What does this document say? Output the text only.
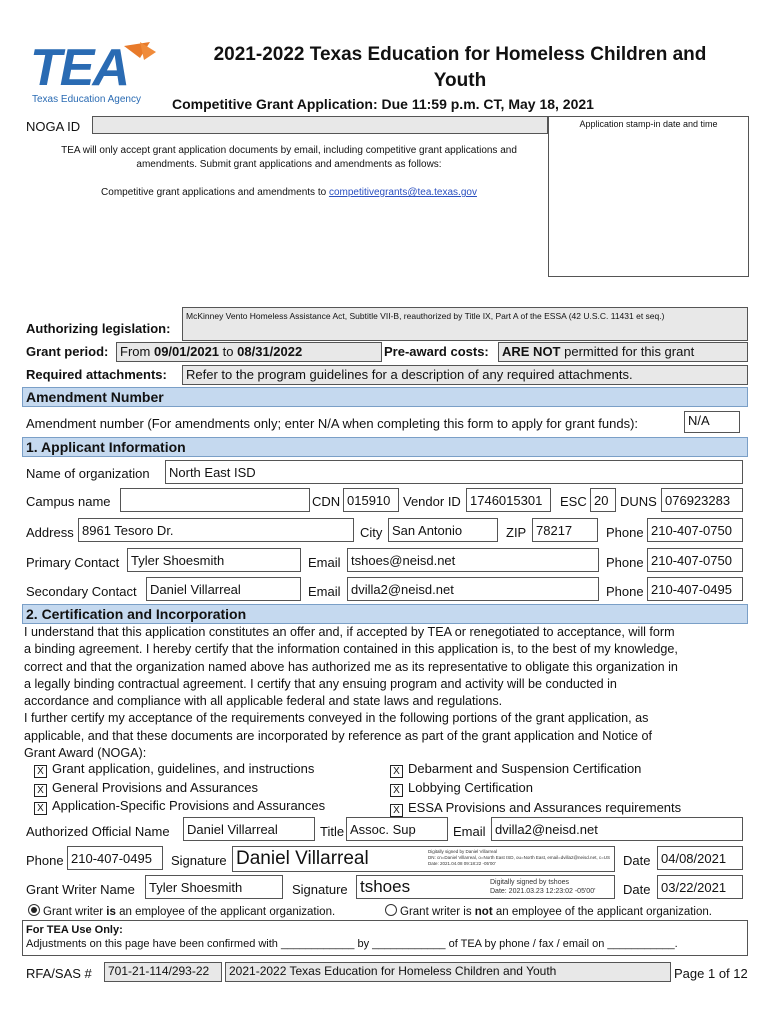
TEA
Texas Education Agency
2021-2022 Texas Education for Homeless Children and Youth
Competitive Grant Application: Due 11:59 p.m. CT, May 18, 2021
NOGA ID	Application stamp-in date and time
TEA will only accept grant application documents by email, including competitive grant applications and
amendments. Submit grant applications and amendments as follows:
Competitive grant applications and amendments to competitivegrants@tea.texas.gov
Authorizing legislation:
McKinney Vento Homeless Assistance Act, Subtitle VII-B, reauthorized by Title IX, Part A of the ESSA (42 U.S.C. 11431 et seq.)
Grant period: From 09/01/2021 to 08/31/2022	Pre-award costs:	ARE NOT permitted for this grant
Required attachments:	Refer to the program guidelines for a description of any required attachments.
Amendment Number
Amendment number (For amendments only; enter N/A when completing this form to apply for grant funds):	N/A
1. Applicant Information
Name of organization	North East ISD
Campus name	CDN 015910 Vendor ID 1746015301	ESC 20 DUNS 076923283
Address 8961 Tesoro Dr.	City San Antonio	ZIP 78217	Phone 210-407-0750
Primary Contact Tyler Shoesmith	Email tshoes@neisd.net	Phone 210-407-0750
Secondary Contact	Daniel Villarreal	Email dvilla2@neisd.net	Phone 210-407-0495
2. Certification and Incorporation
I understand that this application constitutes an offer and, if accepted by TEA or renegotiated to acceptance, will form
a binding agreement. I hereby certify that the information contained in this application is, to the best of my knowledge,
correct and that the organization named above has authorized me as its representative to obligate this organization in
a legally binding contractual agreement. I certify that any ensuing program and activity will be conducted in
accordance and compliance with all applicable federal and state laws and regulations.
I further certify my acceptance of the requirements conveyed in the following portions of the grant application, as
applicable, and that these documents are incorporated by reference as part of the grant application and Notice of
Grant Award (NOGA):
X Grant application, guidelines, and instructions
X General Provisions and Assurances
X Application-Specific Provisions and Assurances
X Debarment and Suspension Certification
X Lobbying Certification
X ESSA Provisions and Assurances requirements
Authorized Official Name	Daniel Villarreal	Title Assoc. Sup	Email dvilla2@neisd.net
Phone 210-407-0495	Signature Daniel Villarreal	Digitally signed by Daniel Villarreal
DN: cn=Daniel Villarreal, o=North East ISD, ou=North East, email=dvilla2@neisd.net, c=US
Date: 2021.04.08 09:18:22 -05'00'	Date 04/08/2021
Grant Writer Name	Tyler Shoesmith	Signature tshoes	Digitally signed by tshoes
Date: 2021.03.23 12:23:02 -05'00' Date 03/22/2021
Grant writer is an employee of the applicant organization.	Grant writer is not an employee of the applicant organization.
For TEA Use Only:
Adjustments on this page have been confirmed with ____________ by ____________ of TEA by phone / fax / email on ___________.
RFA/SAS #	701-21-114/293-22	2021-2022 Texas Education for Homeless Children and Youth	Page 1 of 12
